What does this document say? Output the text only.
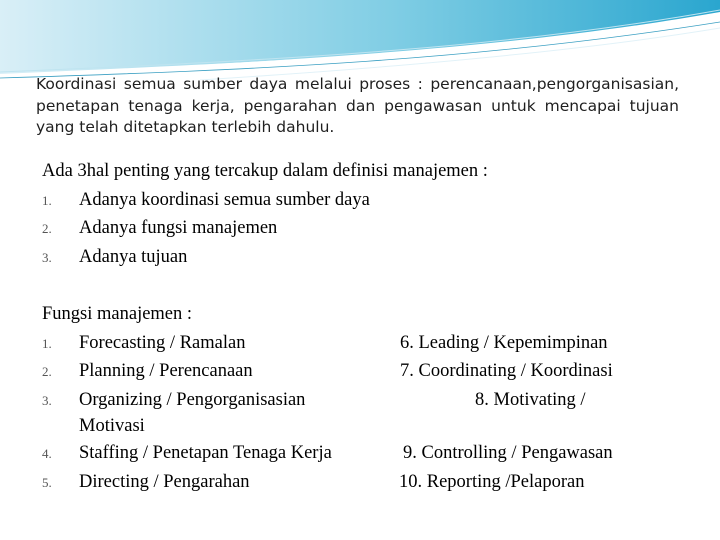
Koordinasi semua sumber daya melalui proses : perencanaan,pengorganisasian, penetapan tenaga kerja, pengarahan dan pengawasan untuk mencapai tujuan yang telah ditetapkan terlebih dahulu.
Ada 3hal penting yang tercakup dalam definisi manajemen :
1. Adanya koordinasi semua sumber daya
2. Adanya fungsi manajemen
3. Adanya tujuan
Fungsi manajemen :
1. Forecasting / Ramalan	6. Leading / Kepemimpinan
2. Planning / Perencanaan	7. Coordinating / Koordinasi
3. Organizing / Pengorganisasian	8. Motivating /
Motivasi
4. Staffing / Penetapan Tenaga Kerja	9. Controlling / Pengawasan
5. Directing / Pengarahan	10. Reporting /Pelaporan
